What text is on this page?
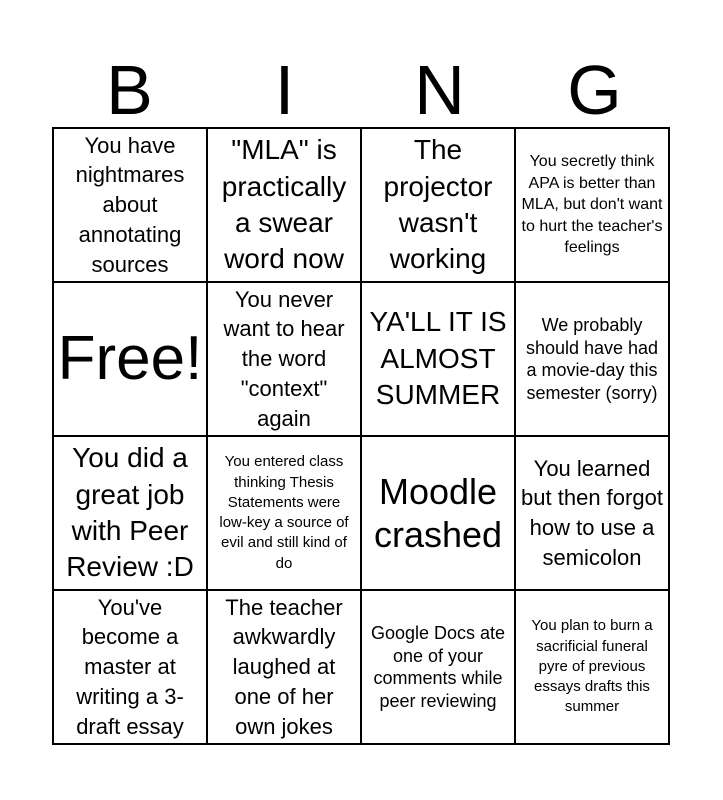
B	I	N	G
You have nightmares about annotating sources
"MLA" is practically a swear word now
The projector wasn't working
You secretly think APA is better than MLA, but don't want to hurt the teacher's feelings
Free!
You never want to hear the word "context" again
YA'LL IT IS ALMOST SUMMER
We probably should have had a movie-day this semester (sorry)
You did a great job with Peer Review :D
You entered class thinking Thesis Statements were low-key a source of evil and still kind of do
Moodle crashed
You learned but then forgot how to use a semicolon
You've become a master at writing a 3-draft essay
The teacher awkwardly laughed at one of her own jokes
Google Docs ate one of your comments while peer reviewing
You plan to burn a sacrificial funeral pyre of previous essays drafts this summer
